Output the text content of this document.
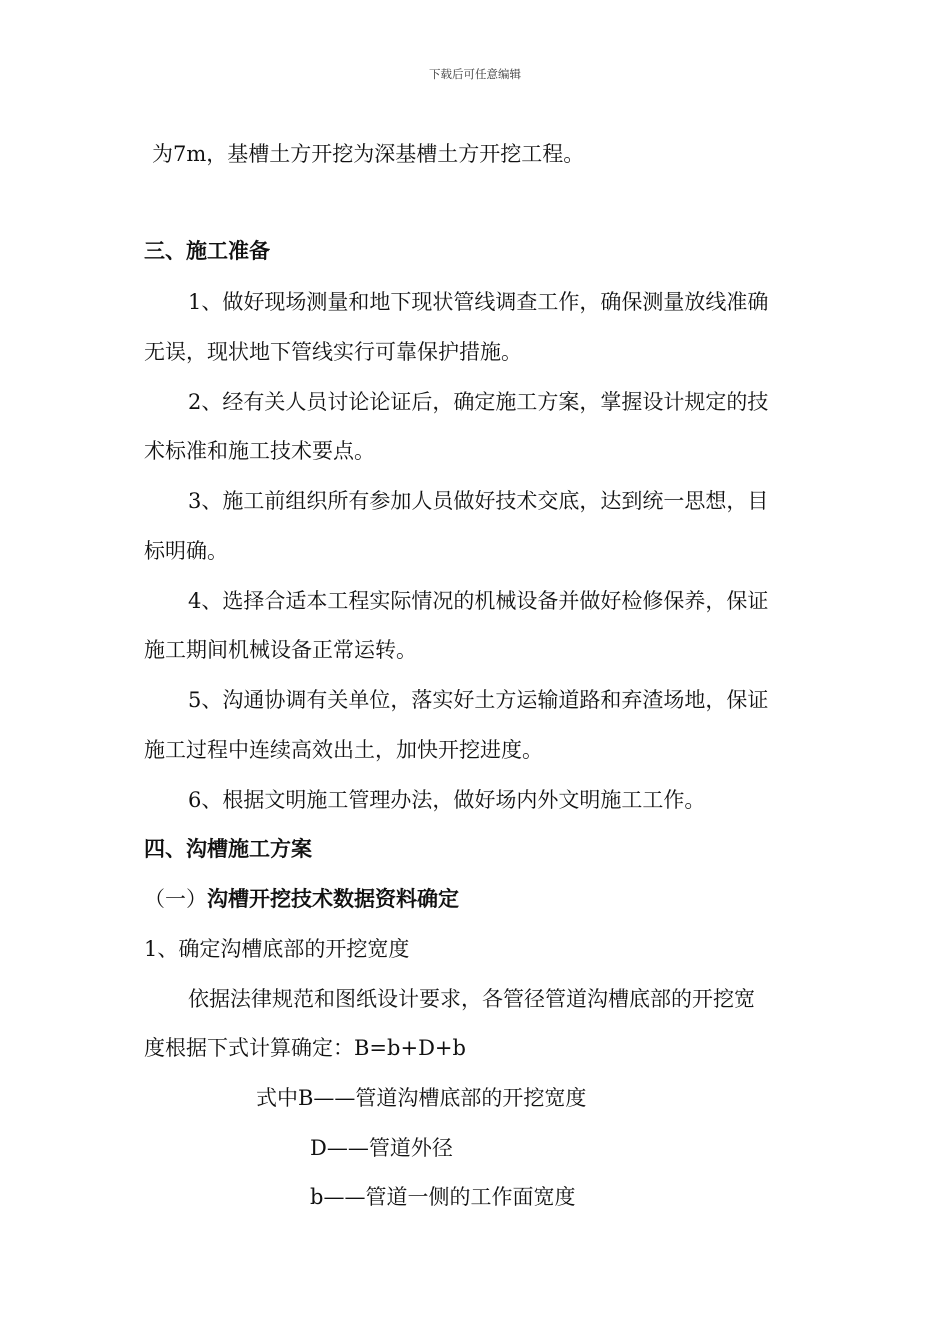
下载后可任意编辑
为7m，基槽土方开挖为深基槽土方开挖工程。
三、施工准备
1、做好现场测量和地下现状管线调查工作，确保测量放线准确
无误，现状地下管线实行可靠保护措施。
2、经有关人员讨论论证后，确定施工方案，掌握设计规定的技
术标准和施工技术要点。
3、施工前组织所有参加人员做好技术交底，达到统一思想，目
标明确。
4、选择合适本工程实际情况的机械设备并做好检修保养，保证
施工期间机械设备正常运转。
5、沟通协调有关单位，落实好土方运输道路和弃渣场地，保证
施工过程中连续高效出土，加快开挖进度。
6、根据文明施工管理办法，做好场内外文明施工工作。
四、沟槽施工方案
（一）沟槽开挖技术数据资料确定
1、确定沟槽底部的开挖宽度
依据法律规范和图纸设计要求，各管径管道沟槽底部的开挖宽
度根据下式计算确定：B=b+D+b
式中B——管道沟槽底部的开挖宽度
D——管道外径
b——管道一侧的工作面宽度
